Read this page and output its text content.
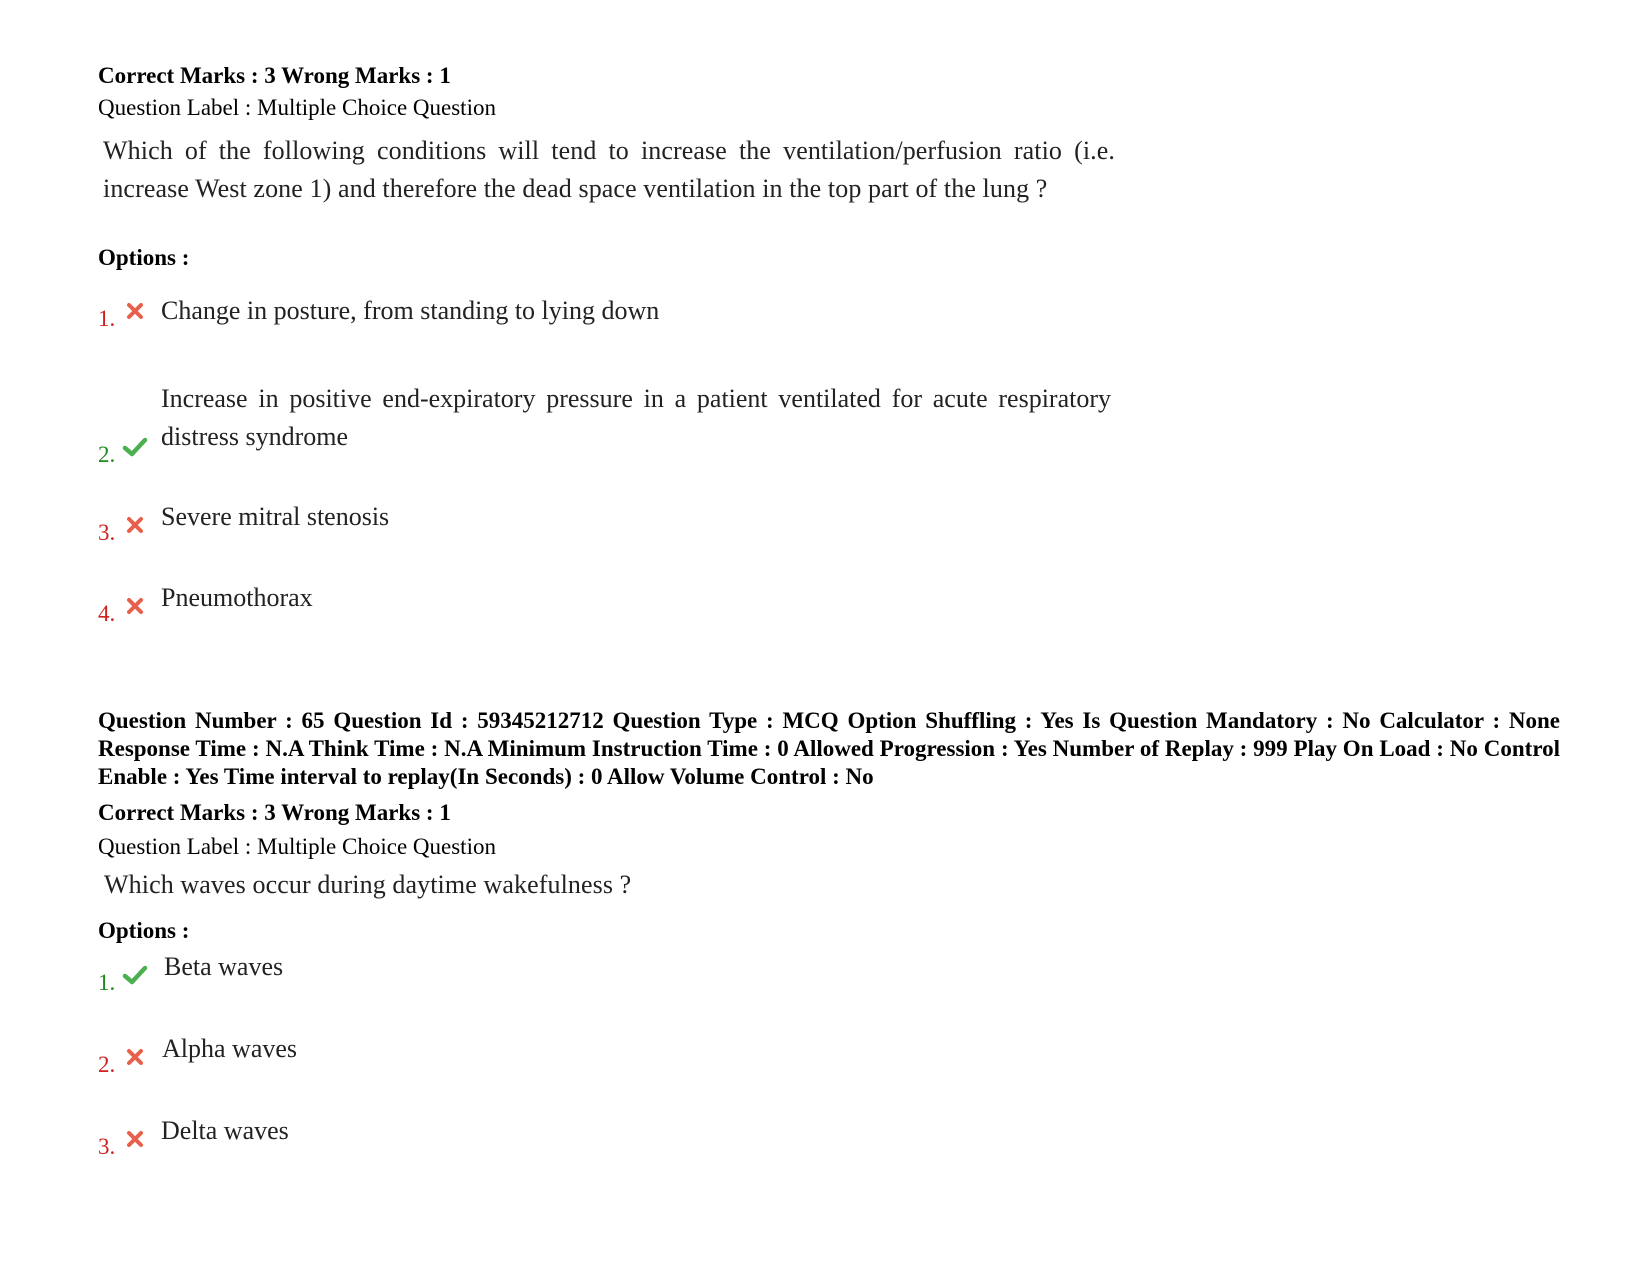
Correct Marks : 3 Wrong Marks : 1
Question Label : Multiple Choice Question
Which of the following conditions will tend to increase the ventilation/perfusion ratio (i.e. increase West zone 1) and therefore the dead space ventilation in the top part of the lung ?
Options :
1. Change in posture, from standing to lying down
2.
Increase in positive end-expiratory pressure in a patient ventilated for acute respiratory distress syndrome
3.
Severe mitral stenosis
4.
Pneumothorax
Question Number : 65 Question Id : 59345212712 Question Type : MCQ Option Shuffling : Yes Is Question Mandatory : No Calculator : None Response Time : N.A Think Time : N.A Minimum Instruction Time : 0 Allowed Progression : Yes Number of Replay : 999 Play On Load : No Control Enable : Yes Time interval to replay(In Seconds) : 0 Allow Volume Control : No
Correct Marks : 3 Wrong Marks : 1
Question Label : Multiple Choice Question
Which waves occur during daytime wakefulness ?
Options :
1.
Beta waves
2.
Alpha waves
3.
Delta waves
